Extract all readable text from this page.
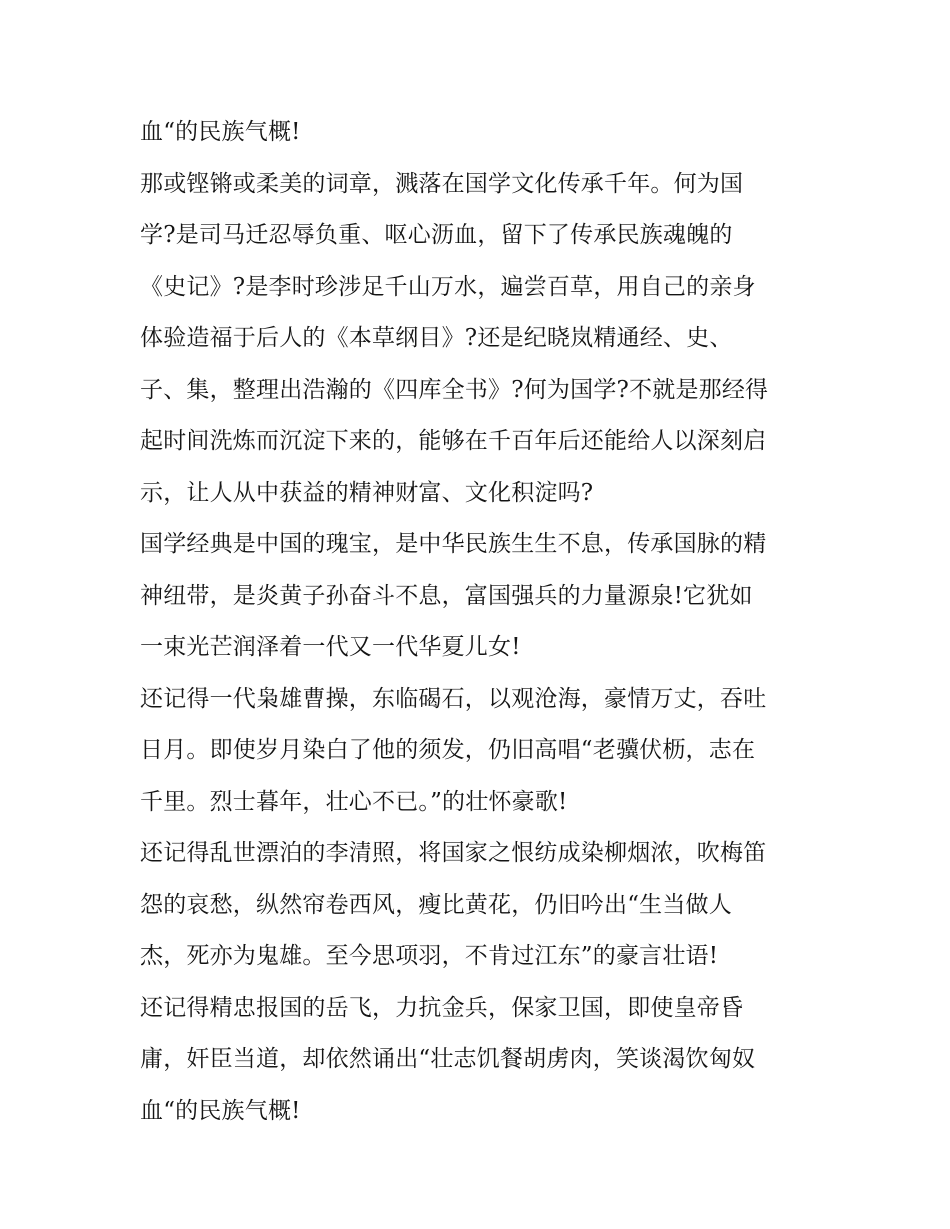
血“的民族气概!
那或铿锵或柔美的词章，溅落在国学文化传承千年。何为国
学?是司马迁忍辱负重、呕心沥血，留下了传承民族魂魄的
《史记》?是李时珍涉足千山万水，遍尝百草，用自己的亲身
体验造福于后人的《本草纲目》?还是纪晓岚精通经、史、
子、集，整理出浩瀚的《四库全书》?何为国学?不就是那经得
起时间洗炼而沉淀下来的，能够在千百年后还能给人以深刻启
示，让人从中获益的精神财富、文化积淀吗?
国学经典是中国的瑰宝，是中华民族生生不息，传承国脉的精
神纽带，是炎黄子孙奋斗不息，富国强兵的力量源泉!它犹如
一束光芒润泽着一代又一代华夏儿女!
还记得一代枭雄曹操，东临碣石，以观沧海，豪情万丈，吞吐
日月。即使岁月染白了他的须发，仍旧高唱“老骥伏枥，志在
千里。烈士暮年，壮心不已。”的壮怀豪歌!
还记得乱世漂泊的李清照，将国家之恨纺成染柳烟浓，吹梅笛
怨的哀愁，纵然帘卷西风，瘦比黄花，仍旧吟出“生当做人
杰，死亦为鬼雄。至今思项羽，不肯过江东”的豪言壮语!
还记得精忠报国的岳飞，力抗金兵，保家卫国，即使皇帝昏
庸，奸臣当道，却依然诵出“壮志饥餐胡虏肉，笑谈渴饮匈奴
血“的民族气概!
